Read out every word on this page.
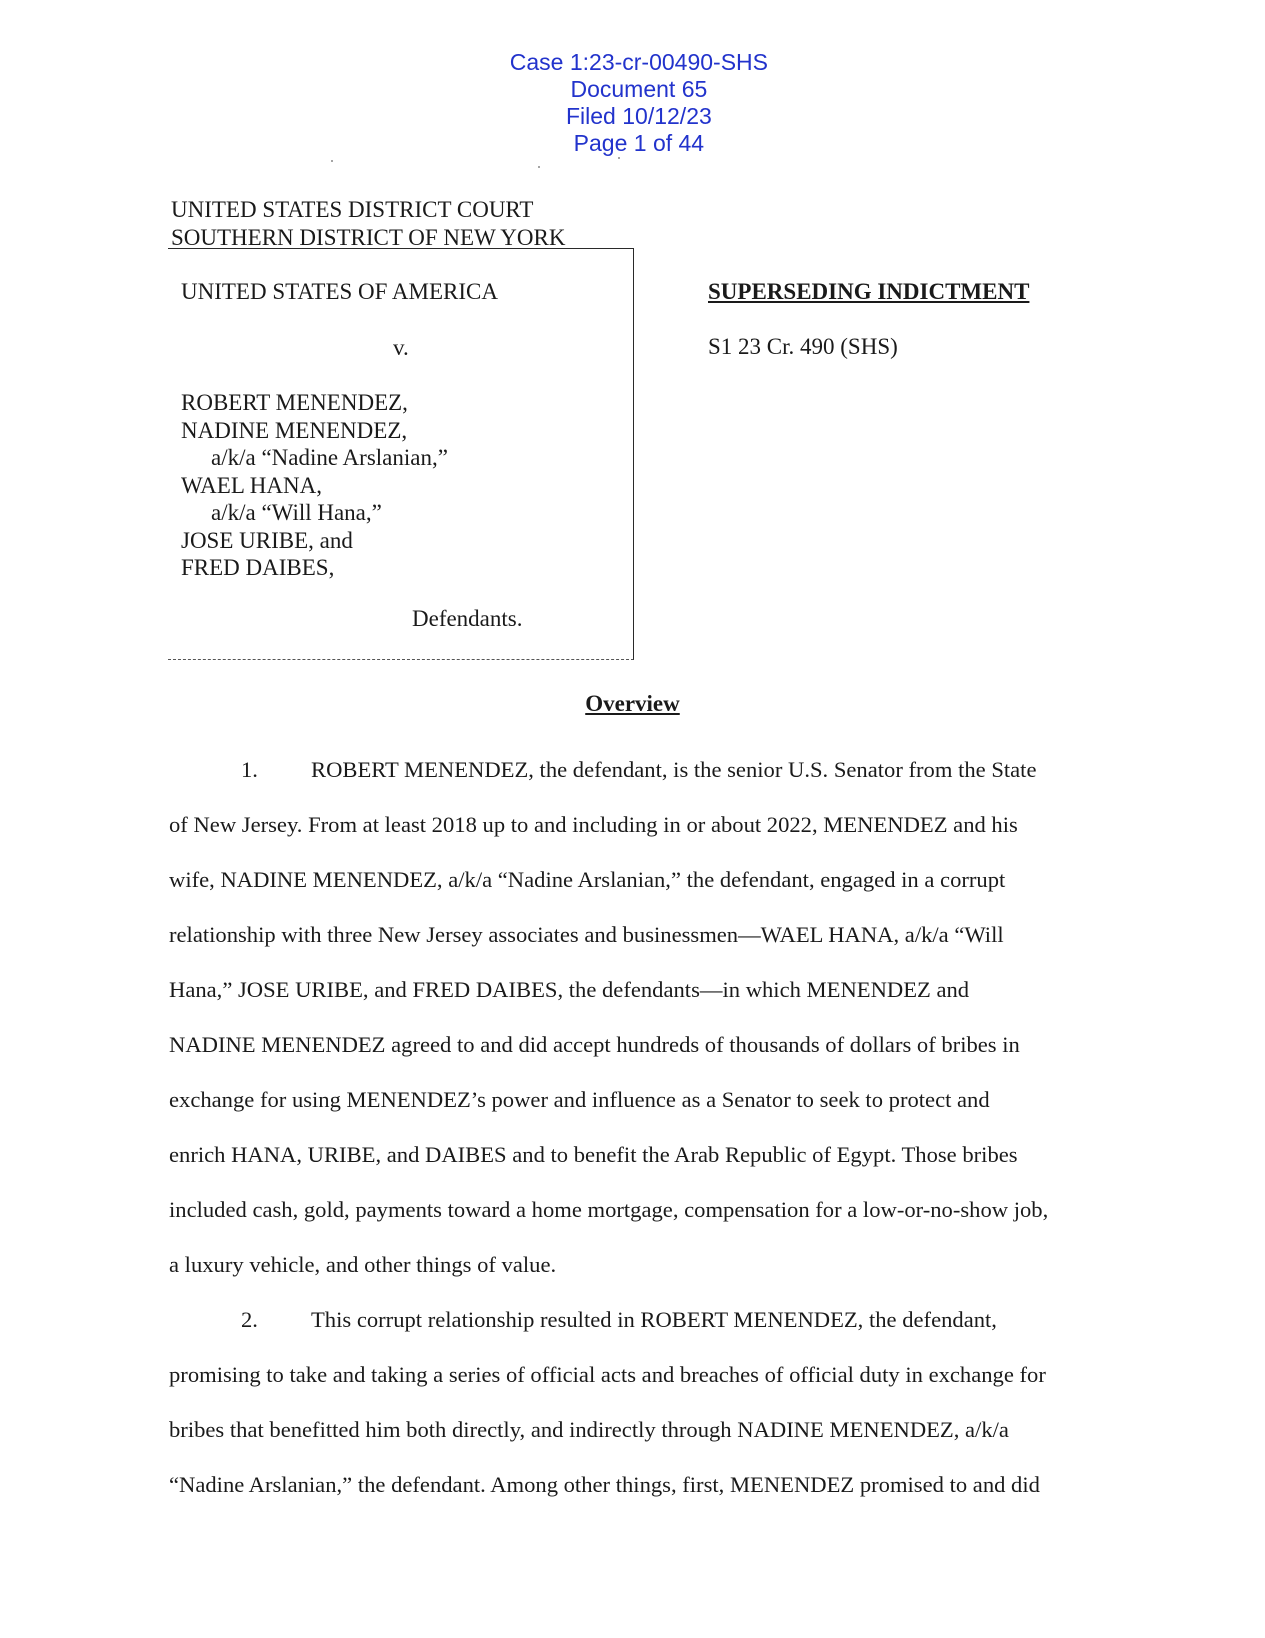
Case 1:23-cr-00490-SHS
Document 65
Filed 10/12/23
Page 1 of 44

UNITED STATES DISTRICT COURT
SOUTHERN DISTRICT OF NEW YORK
UNITED STATES OF AMERICA
v.
ROBERT MENENDEZ,
NADINE MENENDEZ,
a/k/a “Nadine Arslanian,”
WAEL HANA,
a/k/a “Will Hana,”
JOSE URIBE, and
FRED DAIBES,
Defendants.
SUPERSEDING INDICTMENT
S1 23 Cr. 490 (SHS)
Overview
1. ROBERT MENENDEZ, the defendant, is the senior U.S. Senator from the State
of New Jersey. From at least 2018 up to and including in or about 2022, MENENDEZ and his
wife, NADINE MENENDEZ, a/k/a “Nadine Arslanian,” the defendant, engaged in a corrupt
relationship with three New Jersey associates and businessmen—WAEL HANA, a/k/a “Will
Hana,” JOSE URIBE, and FRED DAIBES, the defendants—in which MENENDEZ and
NADINE MENENDEZ agreed to and did accept hundreds of thousands of dollars of bribes in
exchange for using MENENDEZ’s power and influence as a Senator to seek to protect and
enrich HANA, URIBE, and DAIBES and to benefit the Arab Republic of Egypt. Those bribes
included cash, gold, payments toward a home mortgage, compensation for a low-or-no-show job,
a luxury vehicle, and other things of value.
2. This corrupt relationship resulted in ROBERT MENENDEZ, the defendant,
promising to take and taking a series of official acts and breaches of official duty in exchange for
bribes that benefitted him both directly, and indirectly through NADINE MENENDEZ, a/k/a
“Nadine Arslanian,” the defendant. Among other things, first, MENENDEZ promised to and did
